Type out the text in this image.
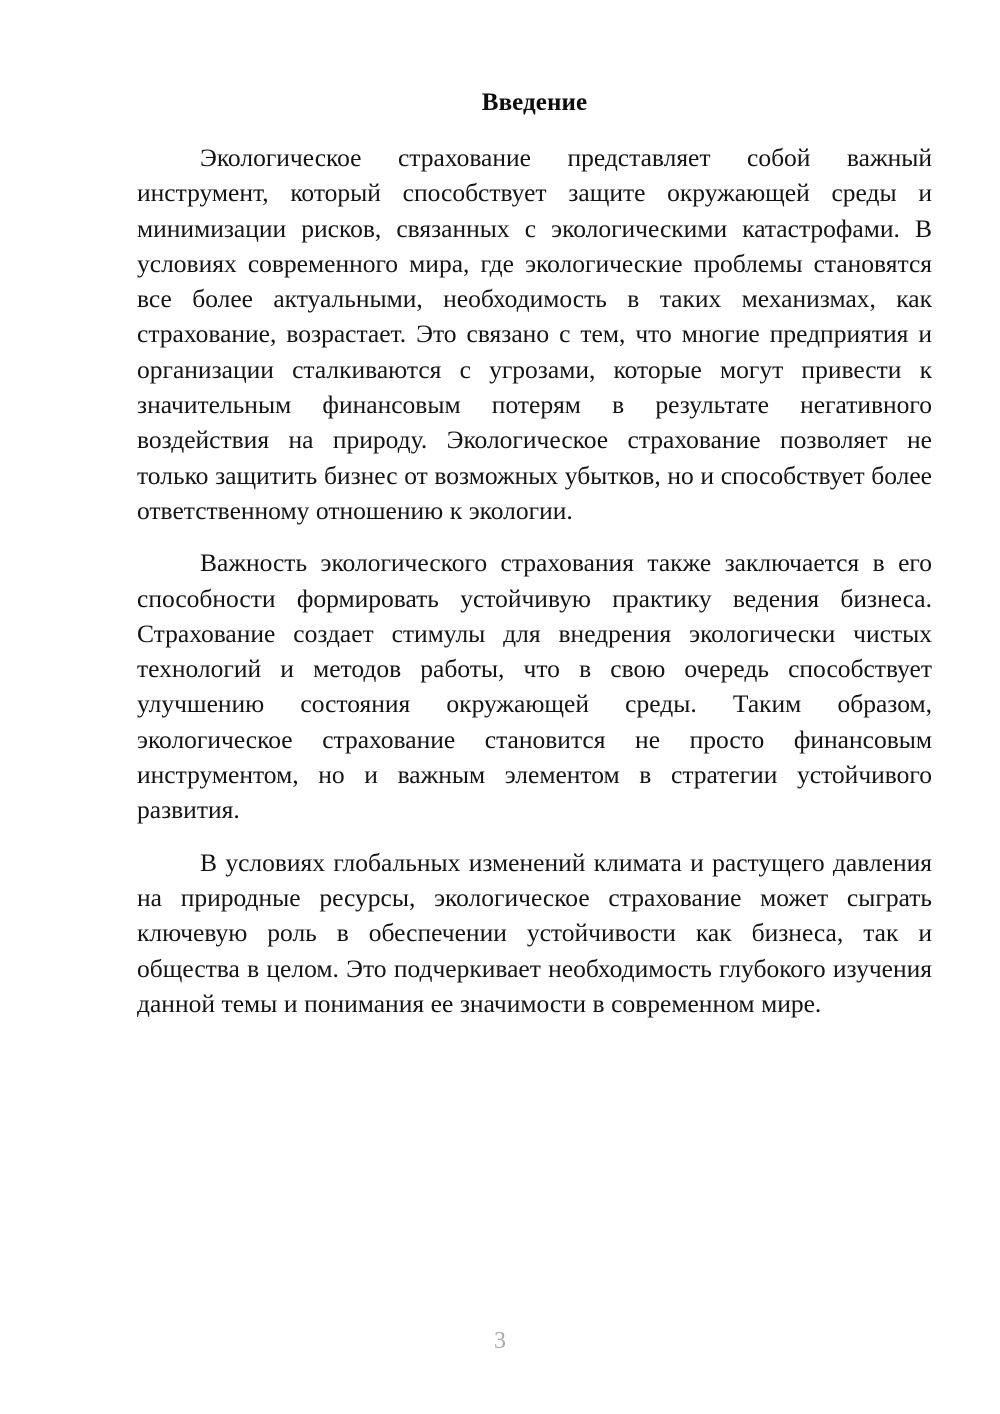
Введение

Экологическое страхование представляет собой важный инструмент, который способствует защите окружающей среды и минимизации рисков, связанных с экологическими катастрофами. В условиях современного мира, где экологические проблемы становятся все более актуальными, необходимость в таких механизмах, как страхование, возрастает. Это связано с тем, что многие предприятия и организации сталкиваются с угрозами, которые могут привести к значительным финансовым потерям в результате негативного воздействия на природу. Экологическое страхование позволяет не только защитить бизнес от возможных убытков, но и способствует более ответственному отношению к экологии.

Важность экологического страхования также заключается в его способности формировать устойчивую практику ведения бизнеса. Страхование создает стимулы для внедрения экологически чистых технологий и методов работы, что в свою очередь способствует улучшению состояния окружающей среды. Таким образом, экологическое страхование становится не просто финансовым инструментом, но и важным элементом в стратегии устойчивого развития.

В условиях глобальных изменений климата и растущего давления на природные ресурсы, экологическое страхование может сыграть ключевую роль в обеспечении устойчивости как бизнеса, так и общества в целом. Это подчеркивает необходимость глубокого изучения данной темы и понимания ее значимости в современном мире.

3
